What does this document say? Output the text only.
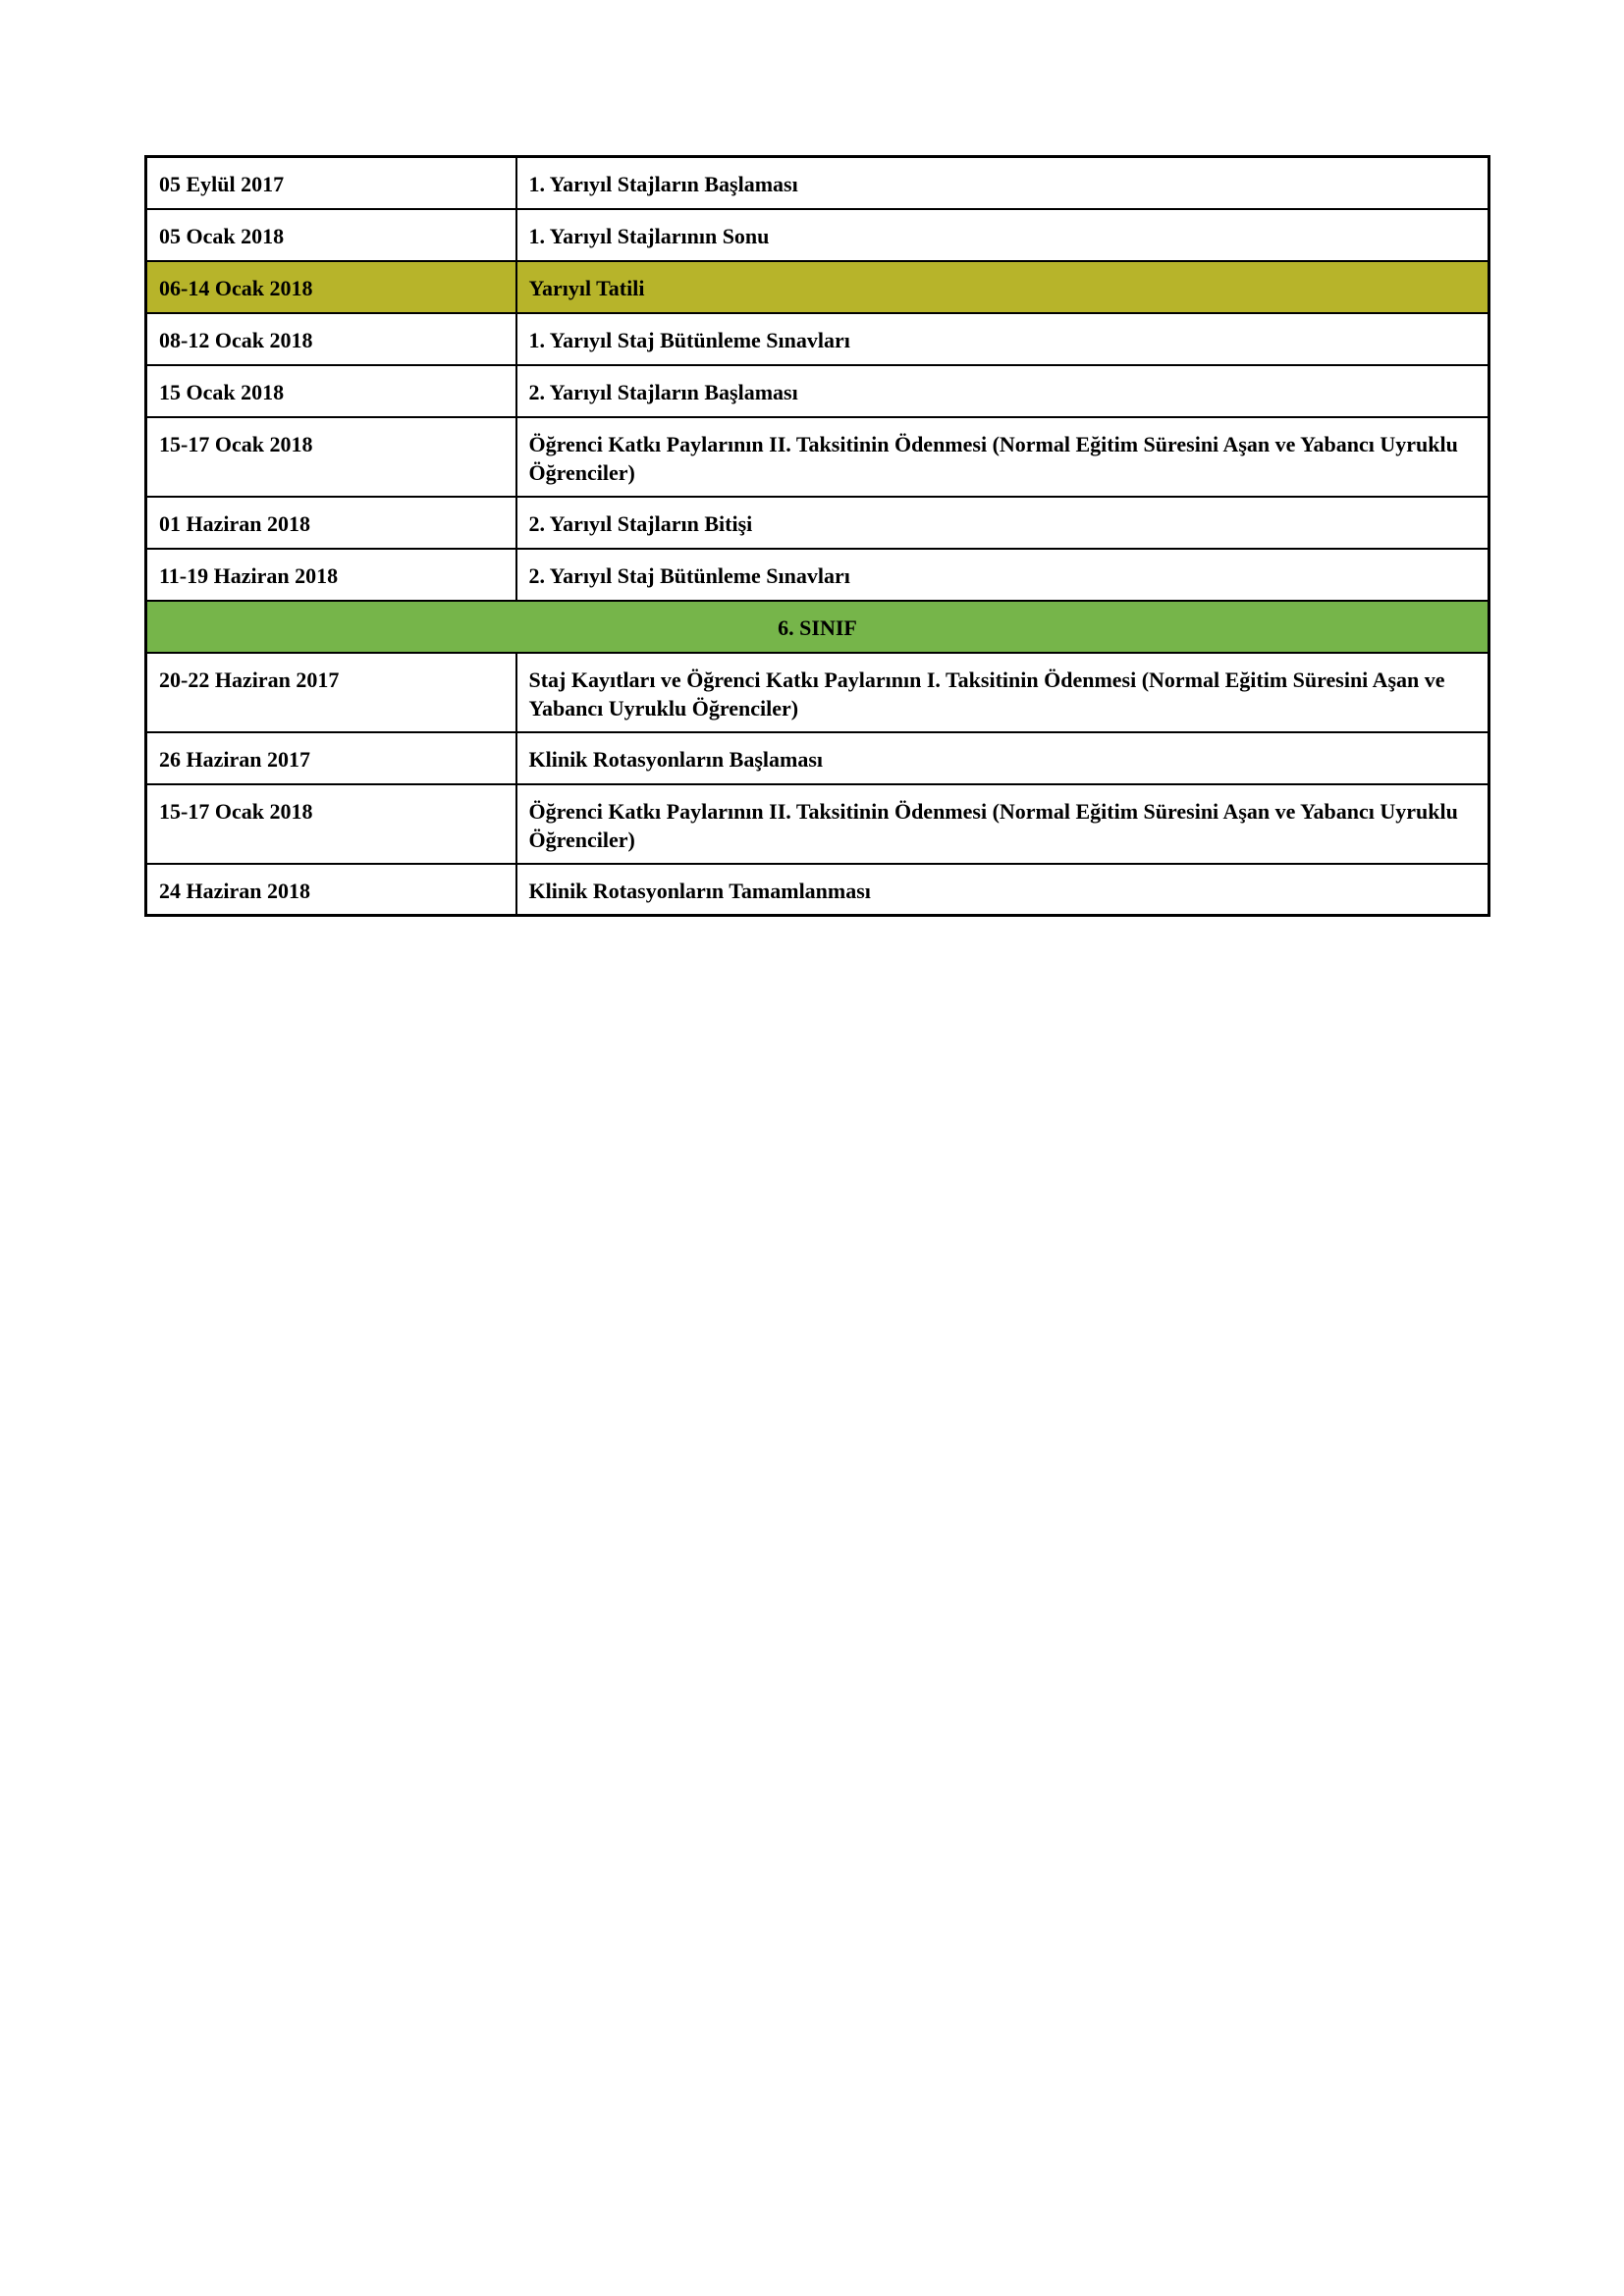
05 Eylül 2017	1. Yarıyıl Stajların Başlaması
05 Ocak 2018	1. Yarıyıl Stajlarının Sonu
06-14 Ocak 2018	Yarıyıl Tatili
08-12 Ocak 2018	1. Yarıyıl Staj Bütünleme Sınavları
15 Ocak 2018	2. Yarıyıl Stajların Başlaması
15-17 Ocak 2018	Öğrenci Katkı Paylarının II. Taksitinin Ödenmesi (Normal Eğitim Süresini Aşan ve Yabancı Uyruklu Öğrenciler)
01 Haziran 2018	2. Yarıyıl Stajların Bitişi
11-19 Haziran 2018	2. Yarıyıl Staj Bütünleme Sınavları
6. SINIF	
20-22 Haziran 2017	Staj Kayıtları ve Öğrenci Katkı Paylarının I. Taksitinin Ödenmesi (Normal Eğitim Süresini Aşan ve Yabancı Uyruklu Öğrenciler)
26 Haziran 2017	Klinik Rotasyonların Başlaması
15-17 Ocak 2018	Öğrenci Katkı Paylarının II. Taksitinin Ödenmesi (Normal Eğitim Süresini Aşan ve Yabancı Uyruklu Öğrenciler)
24 Haziran 2018	Klinik Rotasyonların Tamamlanması
